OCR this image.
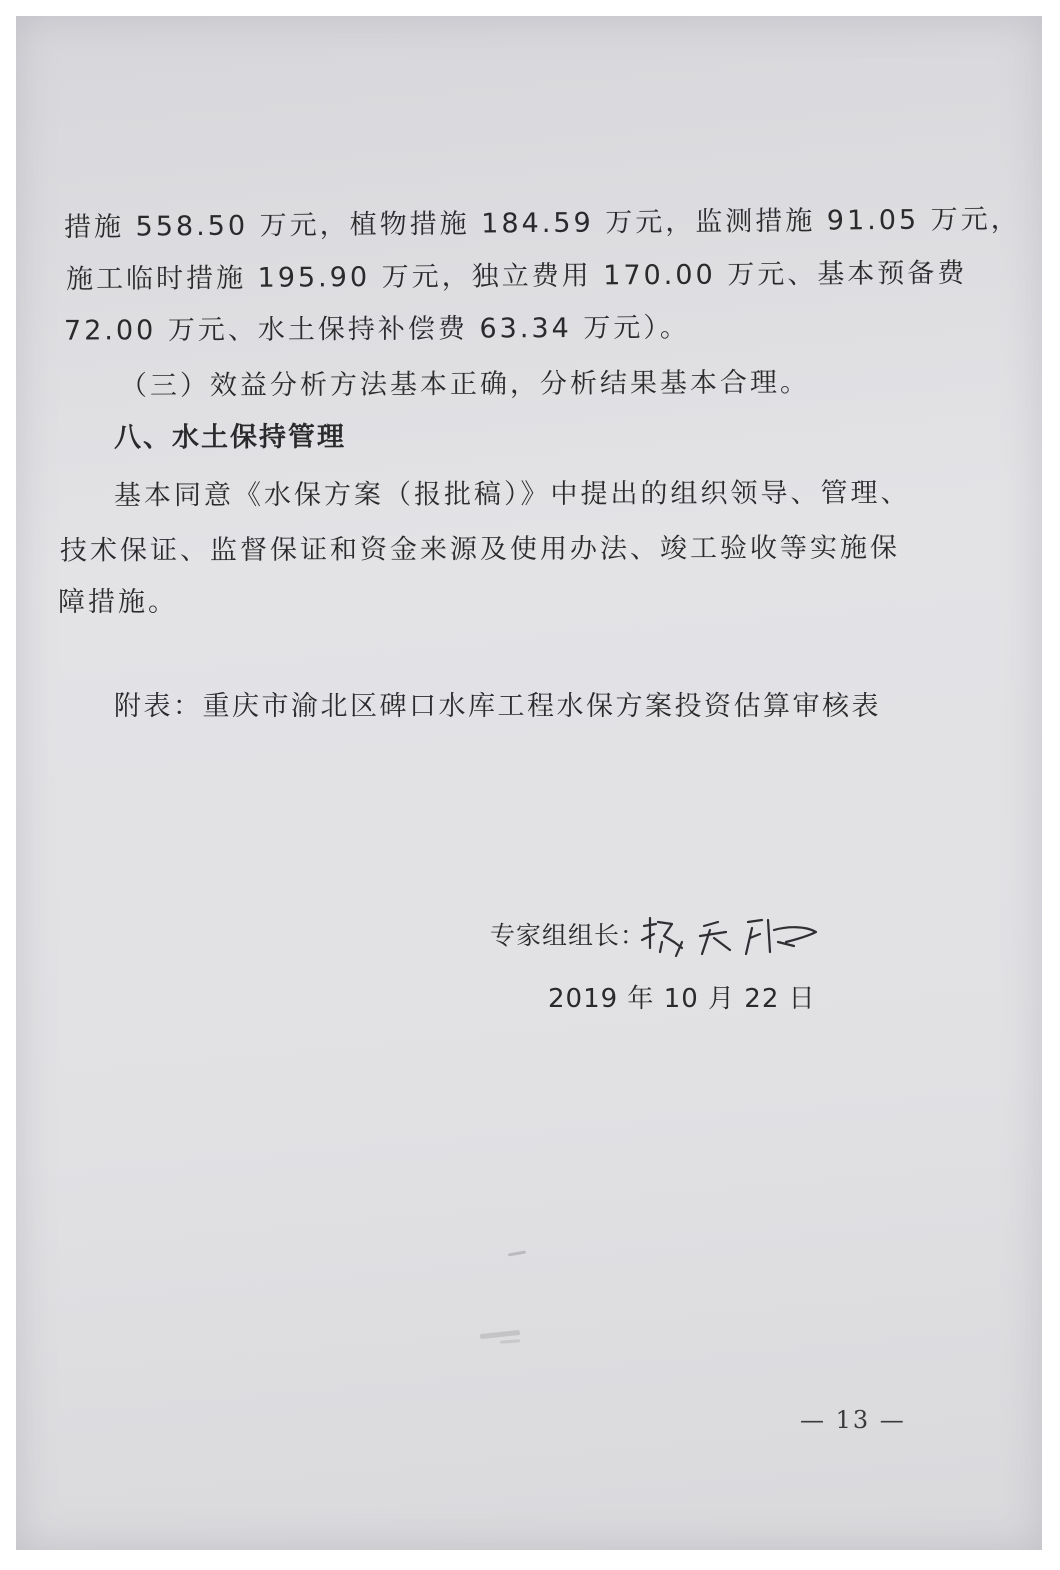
措施 558.50 万元，植物措施 184.59 万元，监测措施 91.05 万元，
施工临时措施 195.90 万元，独立费用 170.00 万元、基本预备费
72.00 万元、水土保持补偿费 63.34 万元）。
（三）效益分析方法基本正确，分析结果基本合理。
八、水土保持管理
基本同意《水保方案（报批稿）》中提出的组织领导、管理、
技术保证、监督保证和资金来源及使用办法、竣工验收等实施保
障措施。
附表：重庆市渝北区碑口水库工程水保方案投资估算审核表
专家组组长：
2019 年 10 月 22 日
— 13 —
